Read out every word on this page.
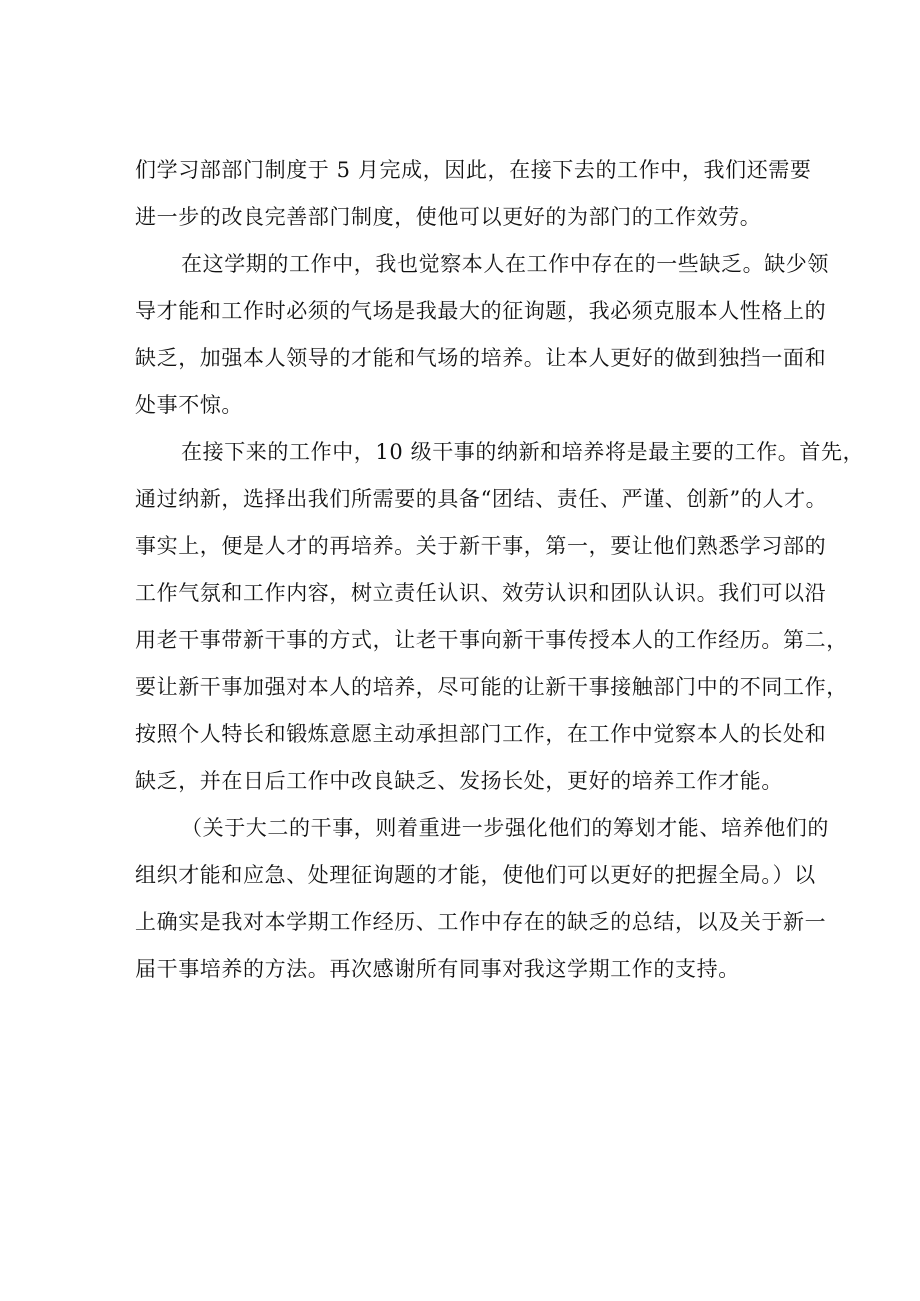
们学习部部门制度于 5 月完成，因此，在接下去的工作中，我们还需要
进一步的改良完善部门制度，使他可以更好的为部门的工作效劳。
在这学期的工作中，我也觉察本人在工作中存在的一些缺乏。缺少领
导才能和工作时必须的气场是我最大的征询题，我必须克服本人性格上的
缺乏，加强本人领导的才能和气场的培养。让本人更好的做到独挡一面和
处事不惊。
在接下来的工作中，10 级干事的纳新和培养将是最主要的工作。首先，
通过纳新，选择出我们所需要的具备“团结、责任、严谨、创新”的人才。
事实上，便是人才的再培养。关于新干事，第一，要让他们熟悉学习部的
工作气氛和工作内容，树立责任认识、效劳认识和团队认识。我们可以沿
用老干事带新干事的方式，让老干事向新干事传授本人的工作经历。第二，
要让新干事加强对本人的培养，尽可能的让新干事接触部门中的不同工作，
按照个人特长和锻炼意愿主动承担部门工作，在工作中觉察本人的长处和
缺乏，并在日后工作中改良缺乏、发扬长处，更好的培养工作才能。
（关于大二的干事，则着重进一步强化他们的筹划才能、培养他们的
组织才能和应急、处理征询题的才能，使他们可以更好的把握全局。）以
上确实是我对本学期工作经历、工作中存在的缺乏的总结，以及关于新一
届干事培养的方法。再次感谢所有同事对我这学期工作的支持。
